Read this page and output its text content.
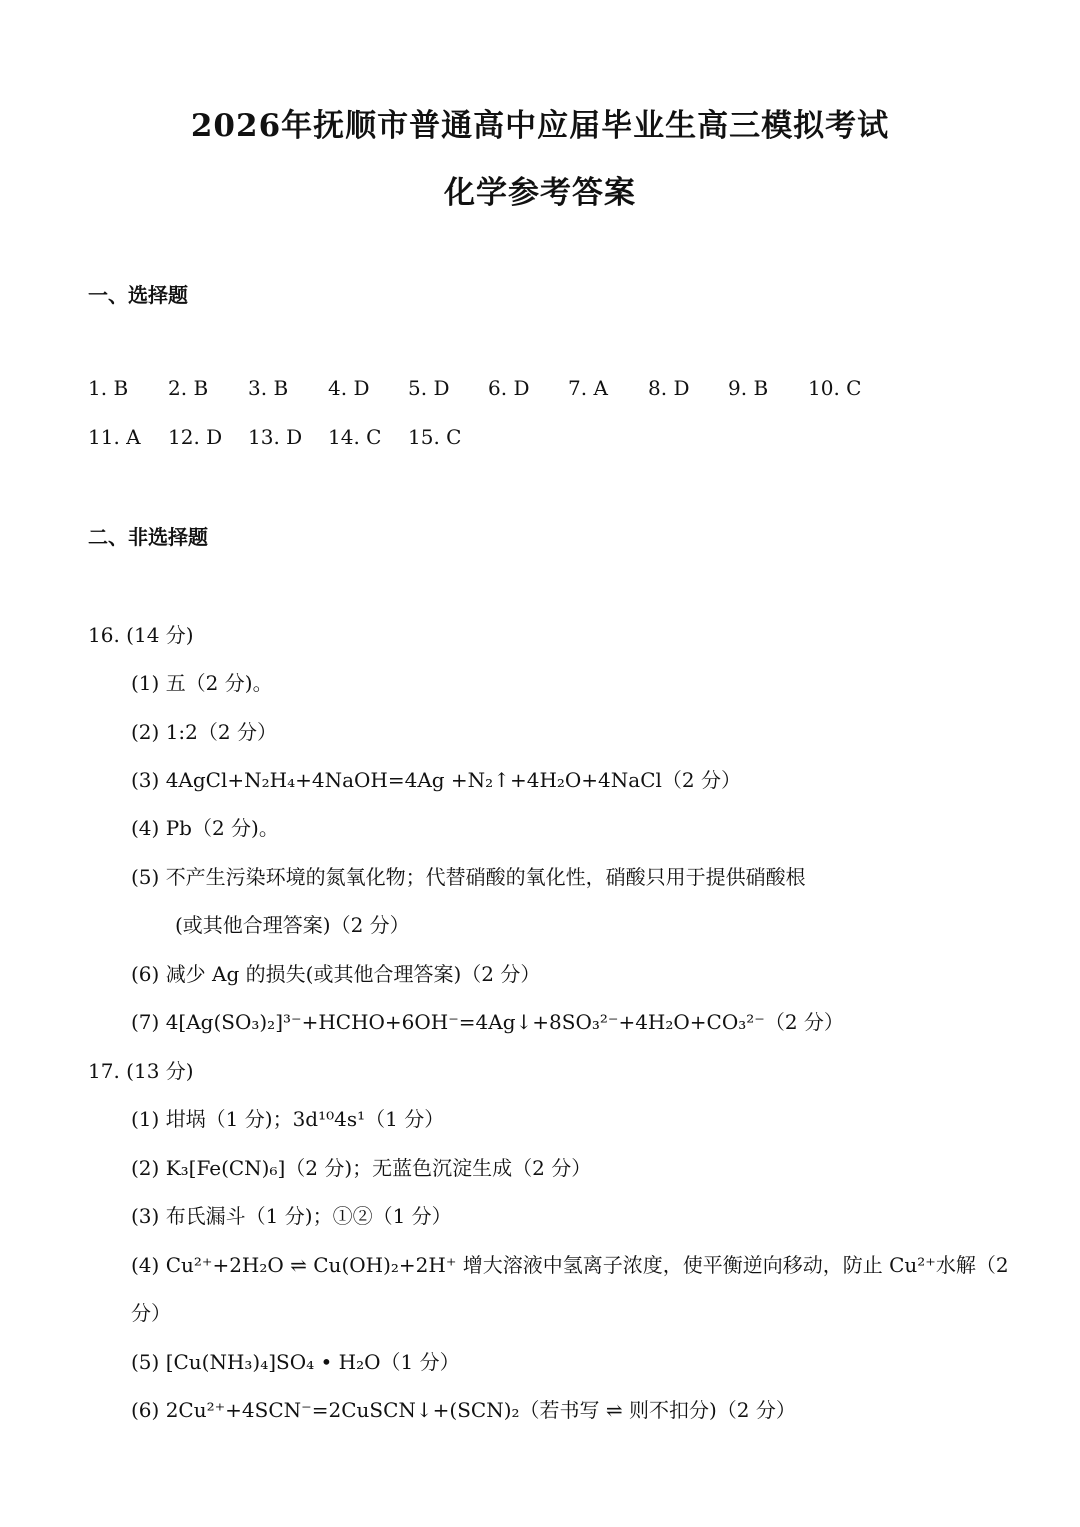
2026年抚顺市普通高中应届毕业生高三模拟考试
化学参考答案
一、选择题
1. B 2. B 3. B 4. D 5. D 6. D 7. A 8. D 9. B 10. C
11. A 12. D 13. D 14. C 15. C
二、非选择题
16. (14 分)
(1) 五（2 分)。
(2) 1:2（2 分）
(3) 4AgCl+N₂H₄+4NaOH=4Ag +N₂↑+4H₂O+4NaCl（2 分）
(4) Pb（2 分)。
(5) 不产生污染环境的氮氧化物；代替硝酸的氧化性，硝酸只用于提供硝酸根
(或其他合理答案)（2 分）
(6) 减少 Ag 的损失(或其他合理答案)（2 分）
(7) 4[Ag(SO₃)₂]³⁻+HCHO+6OH⁻=4Ag↓+8SO₃²⁻+4H₂O+CO₃²⁻（2 分）
17. (13 分)
(1) 坩埚（1 分)；3d¹⁰4s¹（1 分）
(2) K₃[Fe(CN)₆]（2 分)；无蓝色沉淀生成（2 分）
(3) 布氏漏斗（1 分)；①②（1 分）
(4) Cu²⁺+2H₂O ⇌ Cu(OH)₂+2H⁺ 增大溶液中氢离子浓度，使平衡逆向移动，防止 Cu²⁺水解（2
分）
(5) [Cu(NH₃)₄]SO₄ • H₂O（1 分）
(6) 2Cu²⁺+4SCN⁻=2CuSCN↓+(SCN)₂（若书写 ⇌ 则不扣分)（2 分）
